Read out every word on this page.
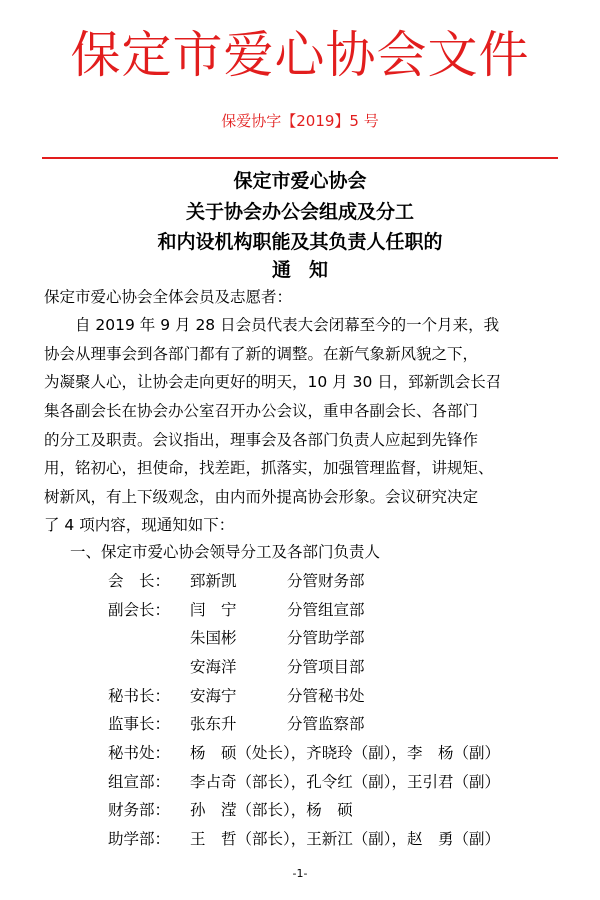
保定市爱心协会文件
保爱协字【2019】5 号
保定市爱心协会
关于协会办公会组成及分工
和内设机构职能及其负责人任职的
通知
保定市爱心协会全体会员及志愿者：
　　自 2019 年 9 月 28 日会员代表大会闭幕至今的一个月来，我
协会从理事会到各部门都有了新的调整。在新气象新风貌之下，
为凝聚人心，让协会走向更好的明天，10 月 30 日，郅新凯会长召
集各副会长在协会办公室召开办公会议，重申各副会长、各部门
的分工及职责。会议指出，理事会及各部门负责人应起到先锋作
用，铭初心，担使命，找差距，抓落实，加强管理监督，讲规矩、
树新风，有上下级观念，由内而外提高协会形象。会议研究决定
了 4 项内容，现通知如下：
一、保定市爱心协会领导分工及各部门负责人
会　长： 郅新凯	分管财务部
副会长： 闫　宁	分管组宣部
朱国彬	分管助学部
安海洋	分管项目部
秘书长： 安海宁	分管秘书处
监事长： 张东升	分管监察部
秘书处： 杨　硕（处长），齐晓玲（副），李　杨（副）
组宣部： 李占奇（部长），孔令红（副），王引君（副）
财务部： 孙　滢（部长），杨　硕
助学部： 王　哲（部长），王新江（副），赵　勇（副）
-1-
